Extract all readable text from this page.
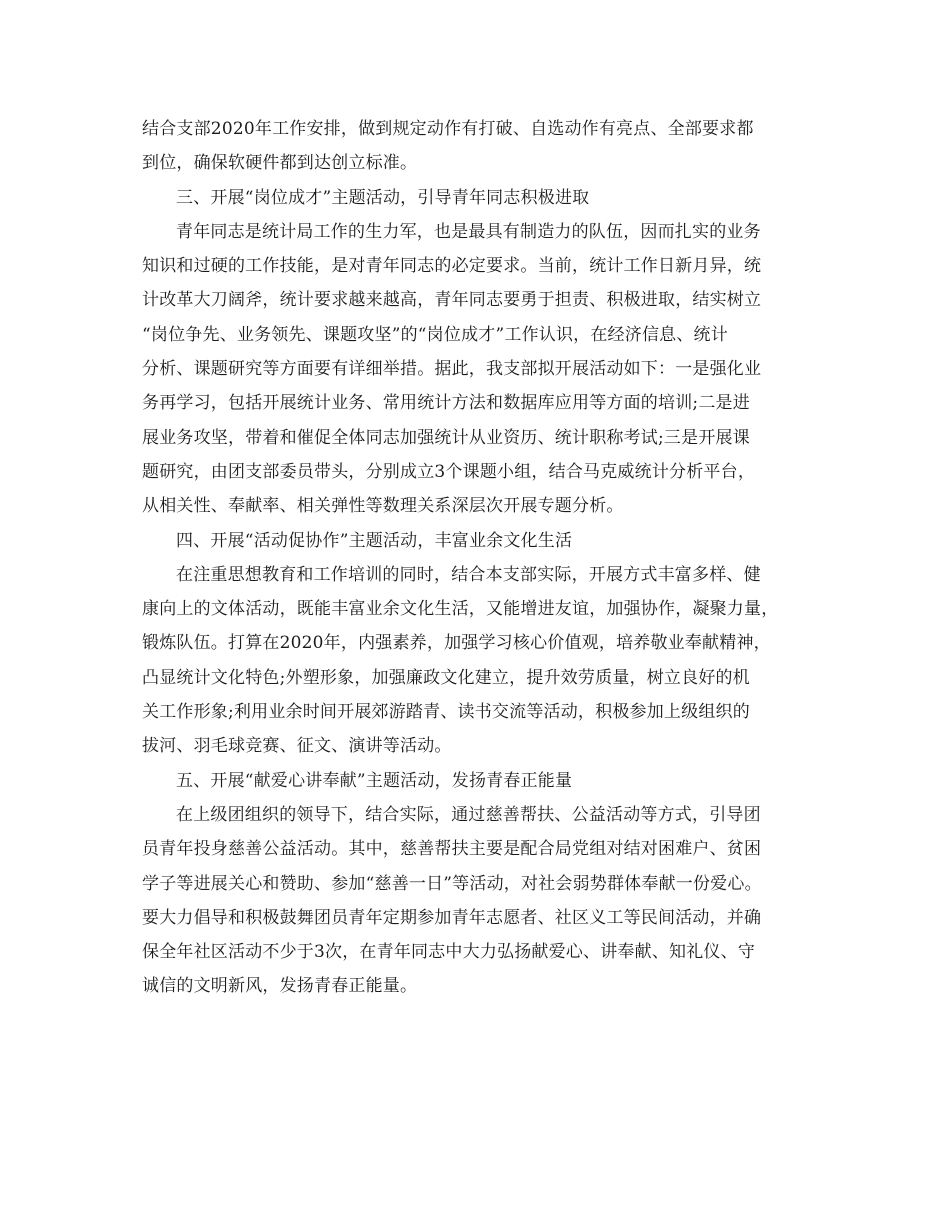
结合支部2020年工作安排，做到规定动作有打破、自选动作有亮点、全部要求都
到位，确保软硬件都到达创立标准。
三、开展“岗位成才”主题活动，引导青年同志积极进取
青年同志是统计局工作的生力军，也是最具有制造力的队伍，因而扎实的业务
知识和过硬的工作技能，是对青年同志的必定要求。当前，统计工作日新月异，统
计改革大刀阔斧，统计要求越来越高，青年同志要勇于担责、积极进取，结实树立
“岗位争先、业务领先、课题攻坚”的“岗位成才”工作认识，在经济信息、统计
分析、课题研究等方面要有详细举措。据此，我支部拟开展活动如下：一是强化业
务再学习，包括开展统计业务、常用统计方法和数据库应用等方面的培训;二是进
展业务攻坚，带着和催促全体同志加强统计从业资历、统计职称考试;三是开展课
题研究，由团支部委员带头，分别成立3个课题小组，结合马克威统计分析平台，
从相关性、奉献率、相关弹性等数理关系深层次开展专题分析。
四、开展“活动促协作”主题活动，丰富业余文化生活
在注重思想教育和工作培训的同时，结合本支部实际，开展方式丰富多样、健
康向上的文体活动，既能丰富业余文化生活，又能增进友谊，加强协作，凝聚力量，
锻炼队伍。打算在2020年，内强素养，加强学习核心价值观，培养敬业奉献精神，
凸显统计文化特色;外塑形象，加强廉政文化建立，提升效劳质量，树立良好的机
关工作形象;利用业余时间开展郊游踏青、读书交流等活动，积极参加上级组织的
拔河、羽毛球竞赛、征文、演讲等活动。
五、开展“献爱心讲奉献”主题活动，发扬青春正能量
在上级团组织的领导下，结合实际，通过慈善帮扶、公益活动等方式，引导团
员青年投身慈善公益活动。其中，慈善帮扶主要是配合局党组对结对困难户、贫困
学子等进展关心和赞助、参加“慈善一日”等活动，对社会弱势群体奉献一份爱心。
要大力倡导和积极鼓舞团员青年定期参加青年志愿者、社区义工等民间活动，并确
保全年社区活动不少于3次，在青年同志中大力弘扬献爱心、讲奉献、知礼仪、守
诚信的文明新风，发扬青春正能量。
